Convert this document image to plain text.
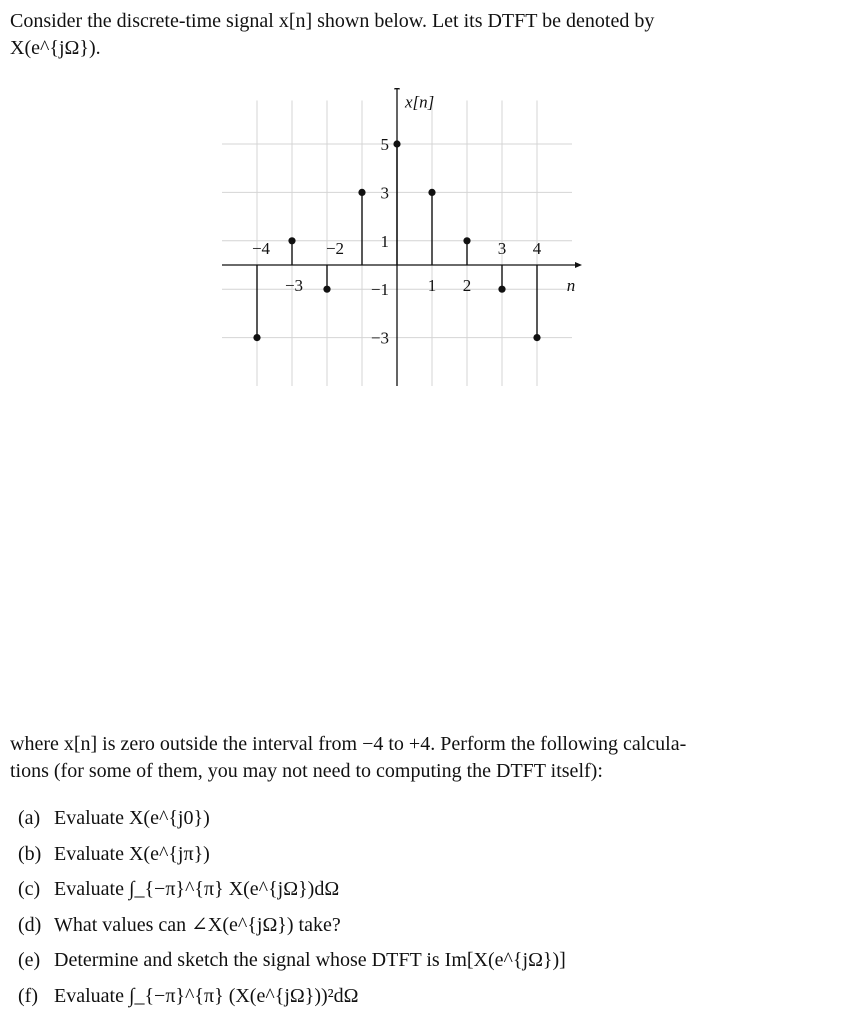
Consider the discrete-time signal x[n] shown below. Let its DTFT be denoted by
X(e^{jΩ}).
x[n]
n
1
3
5
−1
−3
1 2
3 4
−4
−3
−2
where x[n] is zero outside the interval from −4 to +4. Perform the following calcula-
tions (for some of them, you may not need to computing the DTFT itself):
(a) Evaluate X(e^{j0})
(b) Evaluate X(e^{jπ})
(c) Evaluate ∫_{−π}^{π} X(e^{jΩ})dΩ
(d) What values can ∠X(e^{jΩ}) take?
(e) Determine and sketch the signal whose DTFT is Im[X(e^{jΩ})]
(f) Evaluate ∫_{−π}^{π} (X(e^{jΩ}))²dΩ
